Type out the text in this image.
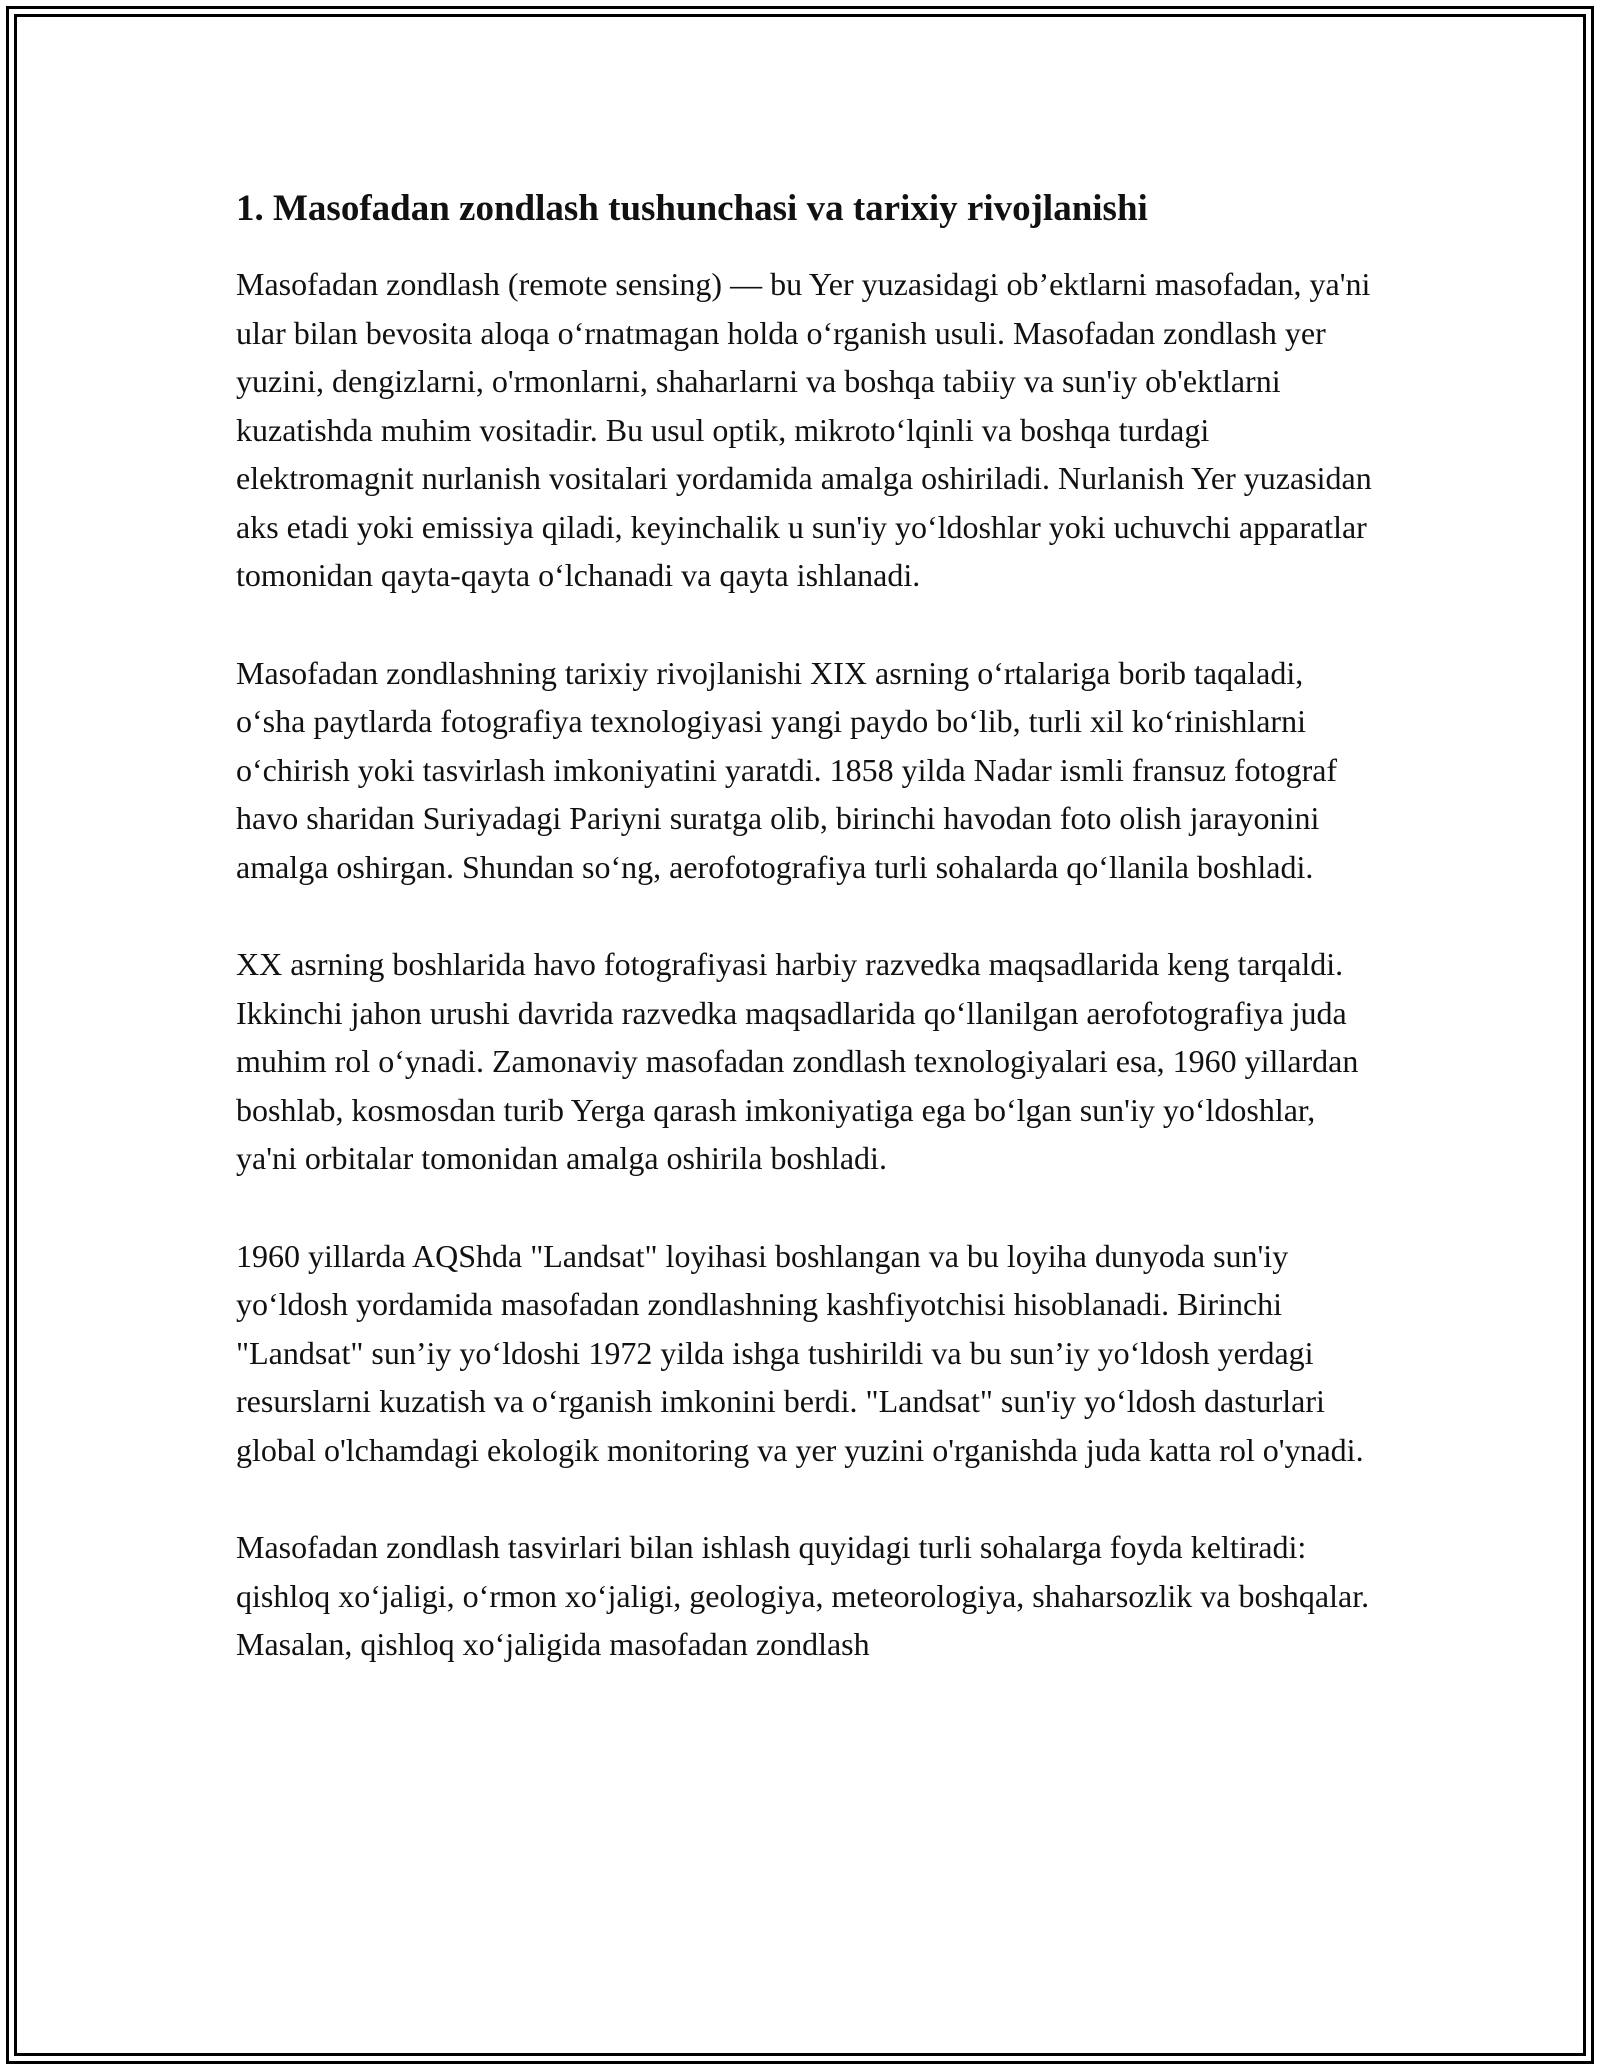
1. Masofadan zondlash tushunchasi va tarixiy rivojlanishi

Masofadan zondlash (remote sensing) — bu Yer yuzasidagi ob’ektlarni masofadan, ya'ni ular bilan bevosita aloqa o‘rnatmagan holda o‘rganish usuli. Masofadan zondlash yer yuzini, dengizlarni, o'rmonlarni, shaharlarni va boshqa tabiiy va sun'iy ob'ektlarni kuzatishda muhim vositadir. Bu usul optik, mikroto‘lqinli va boshqa turdagi elektromagnit nurlanish vositalari yordamida amalga oshiriladi. Nurlanish Yer yuzasidan aks etadi yoki emissiya qiladi, keyinchalik u sun'iy yo‘ldoshlar yoki uchuvchi apparatlar tomonidan qayta-qayta o‘lchanadi va qayta ishlanadi.

Masofadan zondlashning tarixiy rivojlanishi XIX asrning o‘rtalariga borib taqaladi, o‘sha paytlarda fotografiya texnologiyasi yangi paydo bo‘lib, turli xil ko‘rinishlarni o‘chirish yoki tasvirlash imkoniyatini yaratdi. 1858 yilda Nadar ismli fransuz fotograf havo sharidan Suriyadagi Pariyni suratga olib, birinchi havodan foto olish jarayonini amalga oshirgan. Shundan so‘ng, aerofotografiya turli sohalarda qo‘llanila boshladi.

XX asrning boshlarida havo fotografiyasi harbiy razvedka maqsadlarida keng tarqaldi. Ikkinchi jahon urushi davrida razvedka maqsadlarida qo‘llanilgan aerofotografiya juda muhim rol o‘ynadi. Zamonaviy masofadan zondlash texnologiyalari esa, 1960 yillardan boshlab, kosmosdan turib Yerga qarash imkoniyatiga ega bo‘lgan sun'iy yo‘ldoshlar, ya'ni orbitalar tomonidan amalga oshirila boshladi.

1960 yillarda AQShda "Landsat" loyihasi boshlangan va bu loyiha dunyoda sun'iy yo‘ldosh yordamida masofadan zondlashning kashfiyotchisi hisoblanadi. Birinchi "Landsat" sun’iy yo‘ldoshi 1972 yilda ishga tushirildi va bu sun’iy yo‘ldosh yerdagi resurslarni kuzatish va o‘rganish imkonini berdi. "Landsat" sun'iy yo‘ldosh dasturlari global o'lchamdagi ekologik monitoring va yer yuzini o'rganishda juda katta rol o'ynadi.

Masofadan zondlash tasvirlari bilan ishlash quyidagi turli sohalarga foyda keltiradi: qishloq xo‘jaligi, o‘rmon xo‘jaligi, geologiya, meteorologiya, shaharsozlik va boshqalar. Masalan, qishloq xo‘jaligida masofadan zondlash
